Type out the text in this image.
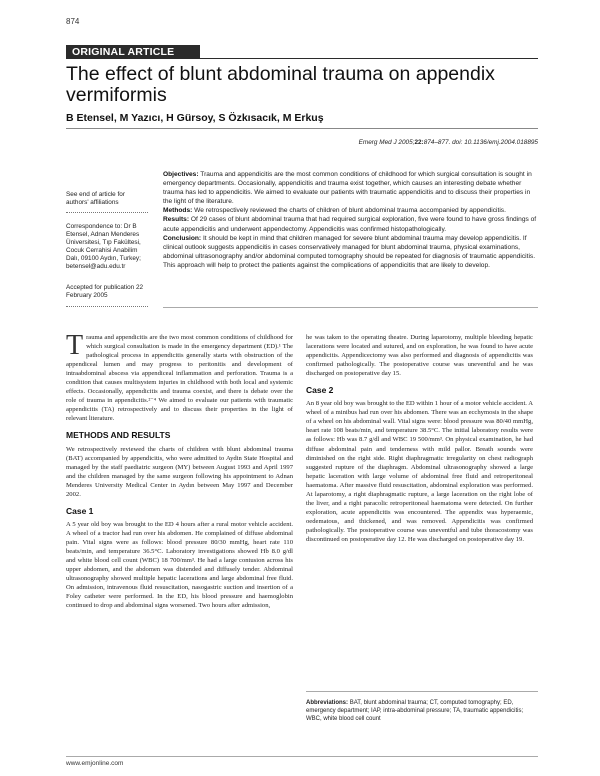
874
ORIGINAL ARTICLE
The effect of blunt abdominal trauma on appendix vermiformis
B Etensel, M Yazıcı, H Gürsoy, S Özkısacık, M Erkuş
Emerg Med J 2005;22:874–877. doi: 10.1136/emj.2004.018895
See end of article for authors' affiliations
Correspondence to: Dr B Etensel, Adnan Menderes Üniversitesi, Tıp Fakültesi, Cocuk Cerrahisi Anabilim Dalı, 09100 Aydın, Turkey; betensel@adu.edu.tr
Accepted for publication 22 February 2005

Objectives: Trauma and appendicitis are the most common conditions of childhood for which surgical consultation is sought in emergency departments. Occasionally, appendicitis and trauma exist together, which causes an interesting debate whether trauma has led to appendicitis. We aimed to evaluate our patients with traumatic appendicitis and to discuss their properties in the light of the literature.

Methods: We retrospectively reviewed the charts of children of blunt abdominal trauma accompanied by appendicitis.

Results: Of 29 cases of blunt abdominal trauma that had required surgical exploration, five were found to have gross findings of acute appendicitis and underwent appendectomy. Appendicitis was confirmed histopathologically.

Conclusion: It should be kept in mind that children managed for severe blunt abdominal trauma may develop appendicitis. If clinical outlook suggests appendicitis in cases conservatively managed for blunt abdominal trauma, physical examinations, abdominal ultrasonography and/or abdominal computed tomography should be repeated for diagnosis of traumatic appendicitis. This approach will help to protect the patients against the complications of appendicitis that are likely to develop.

Trauma and appendicitis are the two most common conditions of childhood for which surgical consultation is made in the emergency department (ED).¹ The pathological process in appendicitis generally starts with obstruction of the appendiceal lumen and may progress to peritonitis and development of intraabdominal abscess via appendiceal inflammation and perforation. Trauma is a condition that causes multisystem injuries in childhood with both local and systemic effects. Occasionally, appendicitis and trauma coexist, and there is debate over the role of trauma in appendicitis.²⁻⁴ We aimed to evaluate our patients with traumatic appendicitis (TA) retrospectively and to discuss their properties in the light of relevant literature.

METHODS AND RESULTS

We retrospectively reviewed the charts of children with blunt abdominal trauma (BAT) accompanied by appendicitis, who were admitted to Aydin State Hospital and managed by the staff paediatric surgeon (MY) between August 1993 and April 1997 and the children managed by the same surgeon following his appointment to Adnan Menderes University Medical Center in Aydın between May 1997 and December 2002.

Case 1

A 5 year old boy was brought to the ED 4 hours after a rural motor vehicle accident. A wheel of a tractor had run over his abdomen. He complained of diffuse abdominal pain. Vital signs were as follows: blood pressure 80/30 mmHg, heart rate 110 beats/min, and temperature 36.5°C. Laboratory investigations showed Hb 8.0 g/dl and white blood cell count (WBC) 18 700/mm³. He had a large contusion across his upper abdomen, and the abdomen was distended and diffusely tender. Abdominal ultrasonography showed multiple hepatic lacerations and large abdominal free fluid. On admission, intravenous fluid resuscitation, nasogastric suction and insertion of a Foley catheter were performed. In the ED, his blood pressure and haemoglobin continued to drop and abdominal signs worsened. Two hours after admission,

he was taken to the operating theatre. During laparotomy, multiple bleeding hepatic lacerations were located and sutured, and on exploration, he was found to have acute appendicitis. Appendicectomy was also performed and diagnosis of appendicitis was confirmed pathologically. The postoperative course was uneventful and he was discharged on postoperative day 15.

Case 2

An 8 year old boy was brought to the ED within 1 hour of a motor vehicle accident. A wheel of a minibus had run over his abdomen. There was an ecchymosis in the shape of a wheel on his abdominal wall. Vital signs were: blood pressure was 80/40 mmHg, heart rate 108 beats/min, and temperature 38.5°C. The initial laboratory results were as follows: Hb was 8.7 g/dl and WBC 19 500/mm³. On physical examination, he had diffuse abdominal pain and tenderness with mild pallor. Breath sounds were diminished on the right side. Right diaphragmatic irregularity on chest radiograph suggested rupture of the diaphragm. Abdominal ultrasonography showed a large hepatic laceration with large volume of abdominal free fluid and retroperitoneal haematoma. After massive fluid resuscitation, abdominal exploration was performed. At laparotomy, a right diaphragmatic rupture, a large laceration on the right lobe of the liver, and a right paracolic retroperitoneal haematoma were detected. On further exploration, acute appendicitis was encountered. The appendix was hyperaemic, oedematous, and thickened, and was removed. Appendicitis was confirmed pathologically. The postoperative course was uneventful and tube thoracostomy was discontinued on postoperative day 12. He was discharged on postoperative day 19.

Abbreviations: BAT, blunt abdominal trauma; CT, computed tomography; ED, emergency department; IAP, intra-abdominal pressure; TA, traumatic appendicitis; WBC, white blood cell count
www.emjonline.com
